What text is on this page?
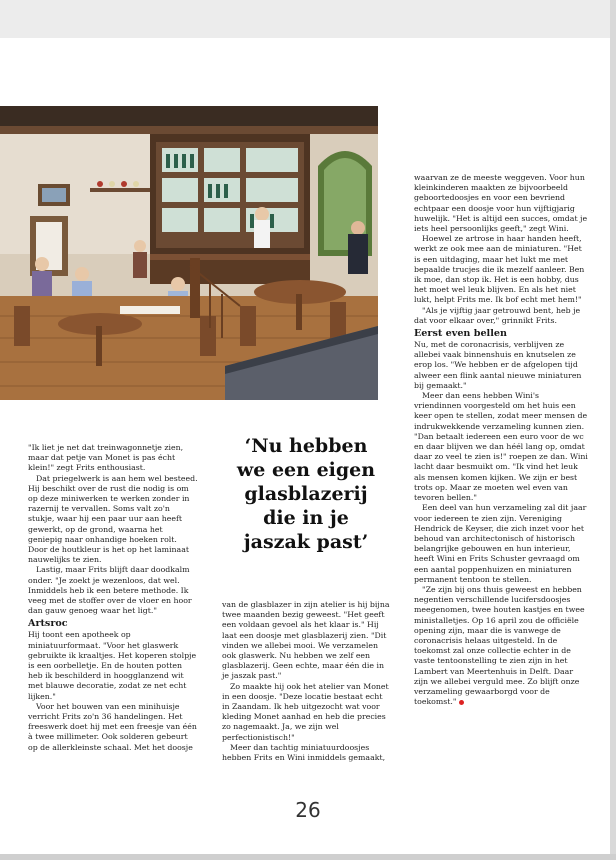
"Ik liet je net dat treinwagonnetje zien, maar dat petje van Monet is pas écht klein!" zegt Frits enthousiast.

Dat priegelwerk is aan hem wel besteed. Hij beschikt over de rust die nodig is om op deze miniwerken te werken zonder in razernij te vervallen. Soms valt zo'n stukje, waar hij een paar uur aan heeft gewerkt, op de grond, waarna het geniepig naar onhandige hoeken rolt. Door de houtkleur is het op het laminaat nauwelijks te zien.

Lastig, maar Frits blijft daar doodkalm onder. "Je zoekt je wezenloos, dat wel. Inmiddels heb ik een betere methode. Ik veeg met de stoffer over de vloer en hoor dan gauw genoeg waar het ligt."

Artsroc

Hij toont een apotheek op miniatuurformaat. "Voor het glaswerk gebruikte ik kraaltjes. Het koperen stolpje is een oorbelletje. En de houten potten heb ik beschilderd in hoogglanzend wit met blauwe decoratie, zodat ze net echt lijken."

Voor het bouwen van een minihuisje verricht Frits zo'n 36 handelingen. Het freeswerk doet hij met een freesje van één à twee millimeter. Ook solderen gebeurt op de allerkleinste schaal. Met het doosje

‘Nu hebben we een eigen glasblazerij die in je jaszak past’

van de glasblazer in zijn atelier is hij bijna twee maanden bezig geweest. "Het geeft een voldaan gevoel als het klaar is." Hij laat een doosje met glasblazerij zien. "Dit vinden we allebei mooi. We verzamelen ook glaswerk. Nu hebben we zelf een glasblazerij. Geen echte, maar één die in je jaszak past."

Zo maakte hij ook het atelier van Monet in een doosje. "Deze locatie bestaat echt in Zaandam. Ik heb uitgezocht wat voor kleding Monet aanhad en heb die precies zo nagemaakt. Ja, we zijn wel perfectionistisch!"

Meer dan tachtig miniatuurdoosjes hebben Frits en Wini inmiddels gemaakt,

waarvan ze de meeste weggeven. Voor hun kleinkinderen maakten ze bijvoorbeeld geboortedoosjes en voor een bevriend echtpaar een doosje voor hun vijftigjarig huwelijk. "Het is altijd een succes, omdat je iets heel persoonlijks geeft," zegt Wini.

Hoewel ze artrose in haar handen heeft, werkt ze ook mee aan de miniaturen. "Het is een uitdaging, maar het lukt me met bepaalde trucjes die ik mezelf aanleer. Ben ik moe, dan stop ik. Het is een hobby, dus het moet wel leuk blijven. En als het niet lukt, helpt Frits me. Ik bof echt met hem!"

"Als je vijftig jaar getrouwd bent, heb je dat voor elkaar over," grinnikt Frits.

Eerst even bellen

Nu, met de coronacrisis, verblijven ze allebei vaak binnenshuis en knutselen ze erop los. "We hebben er de afgelopen tijd alweer een flink aantal nieuwe miniaturen bij gemaakt."

Meer dan eens hebben Wini's vriendinnen voorgesteld om het huis een keer open te stellen, zodat meer mensen de indrukwekkende verzameling kunnen zien. "Dan betaalt iedereen een euro voor de wc en daar blijven we dan héél lang op, omdat daar zo veel te zien is!" roepen ze dan. Wini lacht daar besmuikt om. "Ik vind het leuk als mensen komen kijken. We zijn er best trots op. Maar ze moeten wel even van tevoren bellen."

Een deel van hun verzameling zal dit jaar voor iedereen te zien zijn. Vereniging Hendrick de Keyser, die zich inzet voor het behoud van architectonisch of historisch belangrijke gebouwen en hun interieur, heeft Wini en Frits Schuster gevraagd om een aantal poppenhuizen en miniaturen permanent tentoon te stellen.

"Ze zijn bij ons thuis geweest en hebben negentien verschillende lucifersdoosjes meegenomen, twee houten kastjes en twee ministalletjes. Op 16 april zou de officiële opening zijn, maar die is vanwege de coronacrisis helaas uitgesteld. In de toekomst zal onze collectie echter in de vaste tentoonstelling te zien zijn in het Lambert van Meertenhuis in Delft. Daar zijn we allebei verguld mee. Zo blijft onze verzameling gewaarborgd voor de toekomst."

26
